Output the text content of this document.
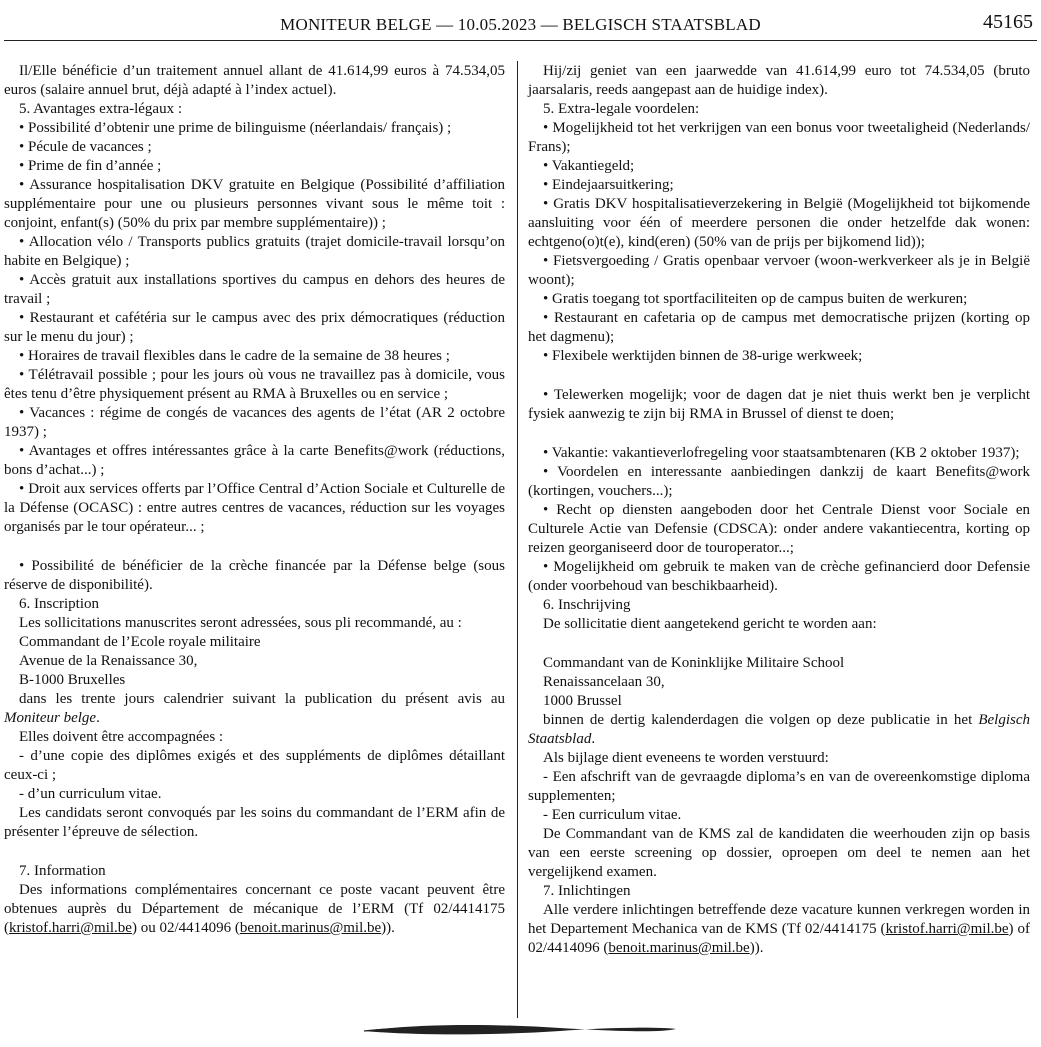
MONITEUR BELGE — 10.05.2023 — BELGISCH STAATSBLAD	45165

Il/Elle bénéficie d’un traitement annuel allant de 41.614,99 euros à 74.534,05 euros (salaire annuel brut, déjà adapté à l’index actuel).

5. Avantages extra-légaux :

• Possibilité d’obtenir une prime de bilinguisme (néerlandais/ français) ;

• Pécule de vacances ;

• Prime de fin d’année ;

• Assurance hospitalisation DKV gratuite en Belgique (Possibilité d’affiliation supplémentaire pour une ou plusieurs personnes vivant sous le même toit : conjoint, enfant(s) (50% du prix par membre supplémentaire)) ;

• Allocation vélo / Transports publics gratuits (trajet domicile-travail lorsqu’on habite en Belgique) ;

• Accès gratuit aux installations sportives du campus en dehors des heures de travail ;

• Restaurant et cafétéria sur le campus avec des prix démocratiques (réduction sur le menu du jour) ;

• Horaires de travail flexibles dans le cadre de la semaine de 38 heures ;

• Télétravail possible ; pour les jours où vous ne travaillez pas à domicile, vous êtes tenu d’être physiquement présent au RMA à Bruxelles ou en service ;

• Vacances : régime de congés de vacances des agents de l’état (AR 2 octobre 1937) ;

• Avantages et offres intéressantes grâce à la carte Benefits@work (réductions, bons d’achat...) ;

• Droit aux services offerts par l’Office Central d’Action Sociale et Culturelle de la Défense (OCASC) : entre autres centres de vacances, réduction sur les voyages organisés par le tour opérateur... ;

• Possibilité de bénéficier de la crèche financée par la Défense belge (sous réserve de disponibilité).

6. Inscription

Les sollicitations manuscrites seront adressées, sous pli recommandé, au :

Commandant de l’Ecole royale militaire

Avenue de la Renaissance 30,

B-1000 Bruxelles

dans les trente jours calendrier suivant la publication du présent avis au Moniteur belge.

Elles doivent être accompagnées :

- d’une copie des diplômes exigés et des suppléments de diplômes détaillant ceux-ci ;

- d’un curriculum vitae.

Les candidats seront convoqués par les soins du commandant de l’ERM afin de présenter l’épreuve de sélection.

7. Information

Des informations complémentaires concernant ce poste vacant peuvent être obtenues auprès du Département de mécanique de l’ERM (Tf 02/4414175 (kristof.harri@mil.be) ou 02/4414096 (benoit.marinus@mil.be)).

Hij/zij geniet van een jaarwedde van 41.614,99 euro tot 74.534,05 (bruto jaarsalaris, reeds aangepast aan de huidige index).

5. Extra-legale voordelen:

• Mogelijkheid tot het verkrijgen van een bonus voor tweetaligheid (Nederlands/ Frans);

• Vakantiegeld;

• Eindejaarsuitkering;

• Gratis DKV hospitalisatieverzekering in België (Mogelijkheid tot bijkomende aansluiting voor één of meerdere personen die onder hetzelfde dak wonen: echtgeno(o)t(e), kind(eren) (50% van de prijs per bijkomend lid));

• Fietsvergoeding / Gratis openbaar vervoer (woon-werkverkeer als je in België woont);

• Gratis toegang tot sportfaciliteiten op de campus buiten de werkuren;

• Restaurant en cafetaria op de campus met democratische prijzen (korting op het dagmenu);

• Flexibele werktijden binnen de 38-urige werkweek;

• Telewerken mogelijk; voor de dagen dat je niet thuis werkt ben je verplicht fysiek aanwezig te zijn bij RMA in Brussel of dienst te doen;

• Vakantie: vakantieverlofregeling voor staatsambtenaren (KB 2 oktober 1937);

• Voordelen en interessante aanbiedingen dankzij de kaart Benefits@work (kortingen, vouchers...);

• Recht op diensten aangeboden door het Centrale Dienst voor Sociale en Culturele Actie van Defensie (CDSCA): onder andere vakantiecentra, korting op reizen georganiseerd door de touroperator...;

• Mogelijkheid om gebruik te maken van de crèche gefinancierd door Defensie (onder voorbehoud van beschikbaarheid).

6. Inschrijving

De sollicitatie dient aangetekend gericht te worden aan:

Commandant van de Koninklijke Militaire School

Renaissancelaan 30,

1000 Brussel

binnen de dertig kalenderdagen die volgen op deze publicatie in het Belgisch Staatsblad.

Als bijlage dient eveneens te worden verstuurd:

- Een afschrift van de gevraagde diploma’s en van de overeenkomstige diploma supplementen;

- Een curriculum vitae.

De Commandant van de KMS zal de kandidaten die weerhouden zijn op basis van een eerste screening op dossier, oproepen om deel te nemen aan het vergelijkend examen.

7. Inlichtingen

Alle verdere inlichtingen betreffende deze vacature kunnen verkregen worden in het Departement Mechanica van de KMS (Tf 02/4414175 (kristof.harri@mil.be) of 02/4414096 (benoit.marinus@mil.be)).
